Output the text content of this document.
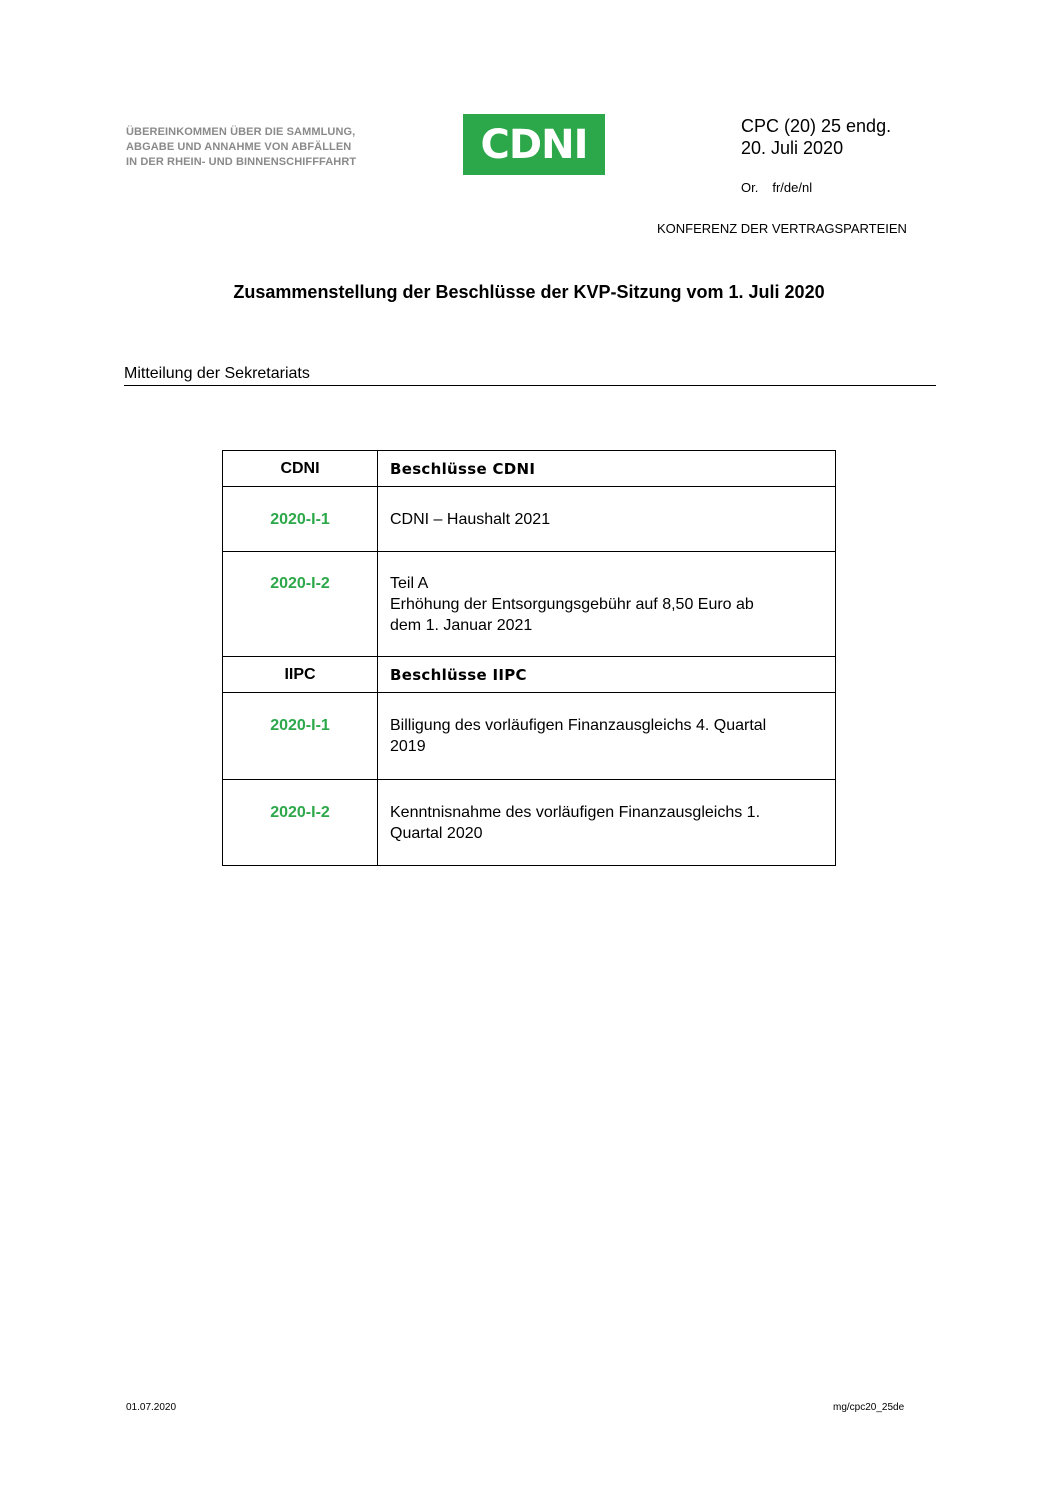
ÜBEREINKOMMEN ÜBER DIE SAMMLUNG,
ABGABE UND ANNAHME VON ABFÄLLEN
IN DER RHEIN- UND BINNENSCHIFFFAHRT	CDNI	CPC (20) 25 endg.
20. Juli 2020
Or. fr/de/nl
KONFERENZ DER VERTRAGSPARTEIEN
Zusammenstellung der Beschlüsse der KVP-Sitzung vom 1. Juli 2020
Mitteilung der Sekretariats
CDNI	Beschlüsse CDNI

2020-I-1	CDNI – Haushalt 2021

2020-I-2	Teil A
Erhöhung der Entsorgungsgebühr auf 8,50 Euro ab
dem 1. Januar 2021

IIPC	Beschlüsse IIPC

2020-I-1	Billigung des vorläufigen Finanzausgleichs 4. Quartal
2019

2020-I-2	Kenntnisnahme des vorläufigen Finanzausgleichs 1.
Quartal 2020
01.07.2020	mg/cpc20_25de
